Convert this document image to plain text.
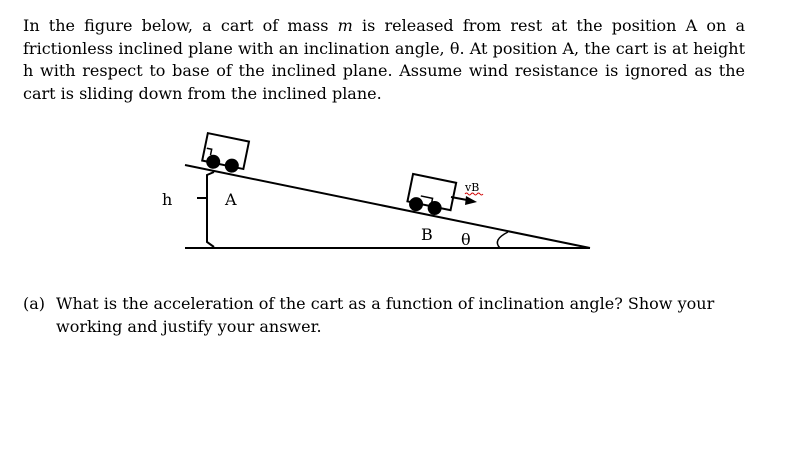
In the figure below, a cart of mass m is released from rest at the position A on a frictionless inclined plane with an inclination angle, θ. At position A, the cart is at height h with respect to base of the inclined plane. Assume wind resistance is ignored as the cart is sliding down from the inclined plane.

h	A
vB
B θ
(a) What is the acceleration of the cart as a function of inclination angle? Show your working and justify your answer.
